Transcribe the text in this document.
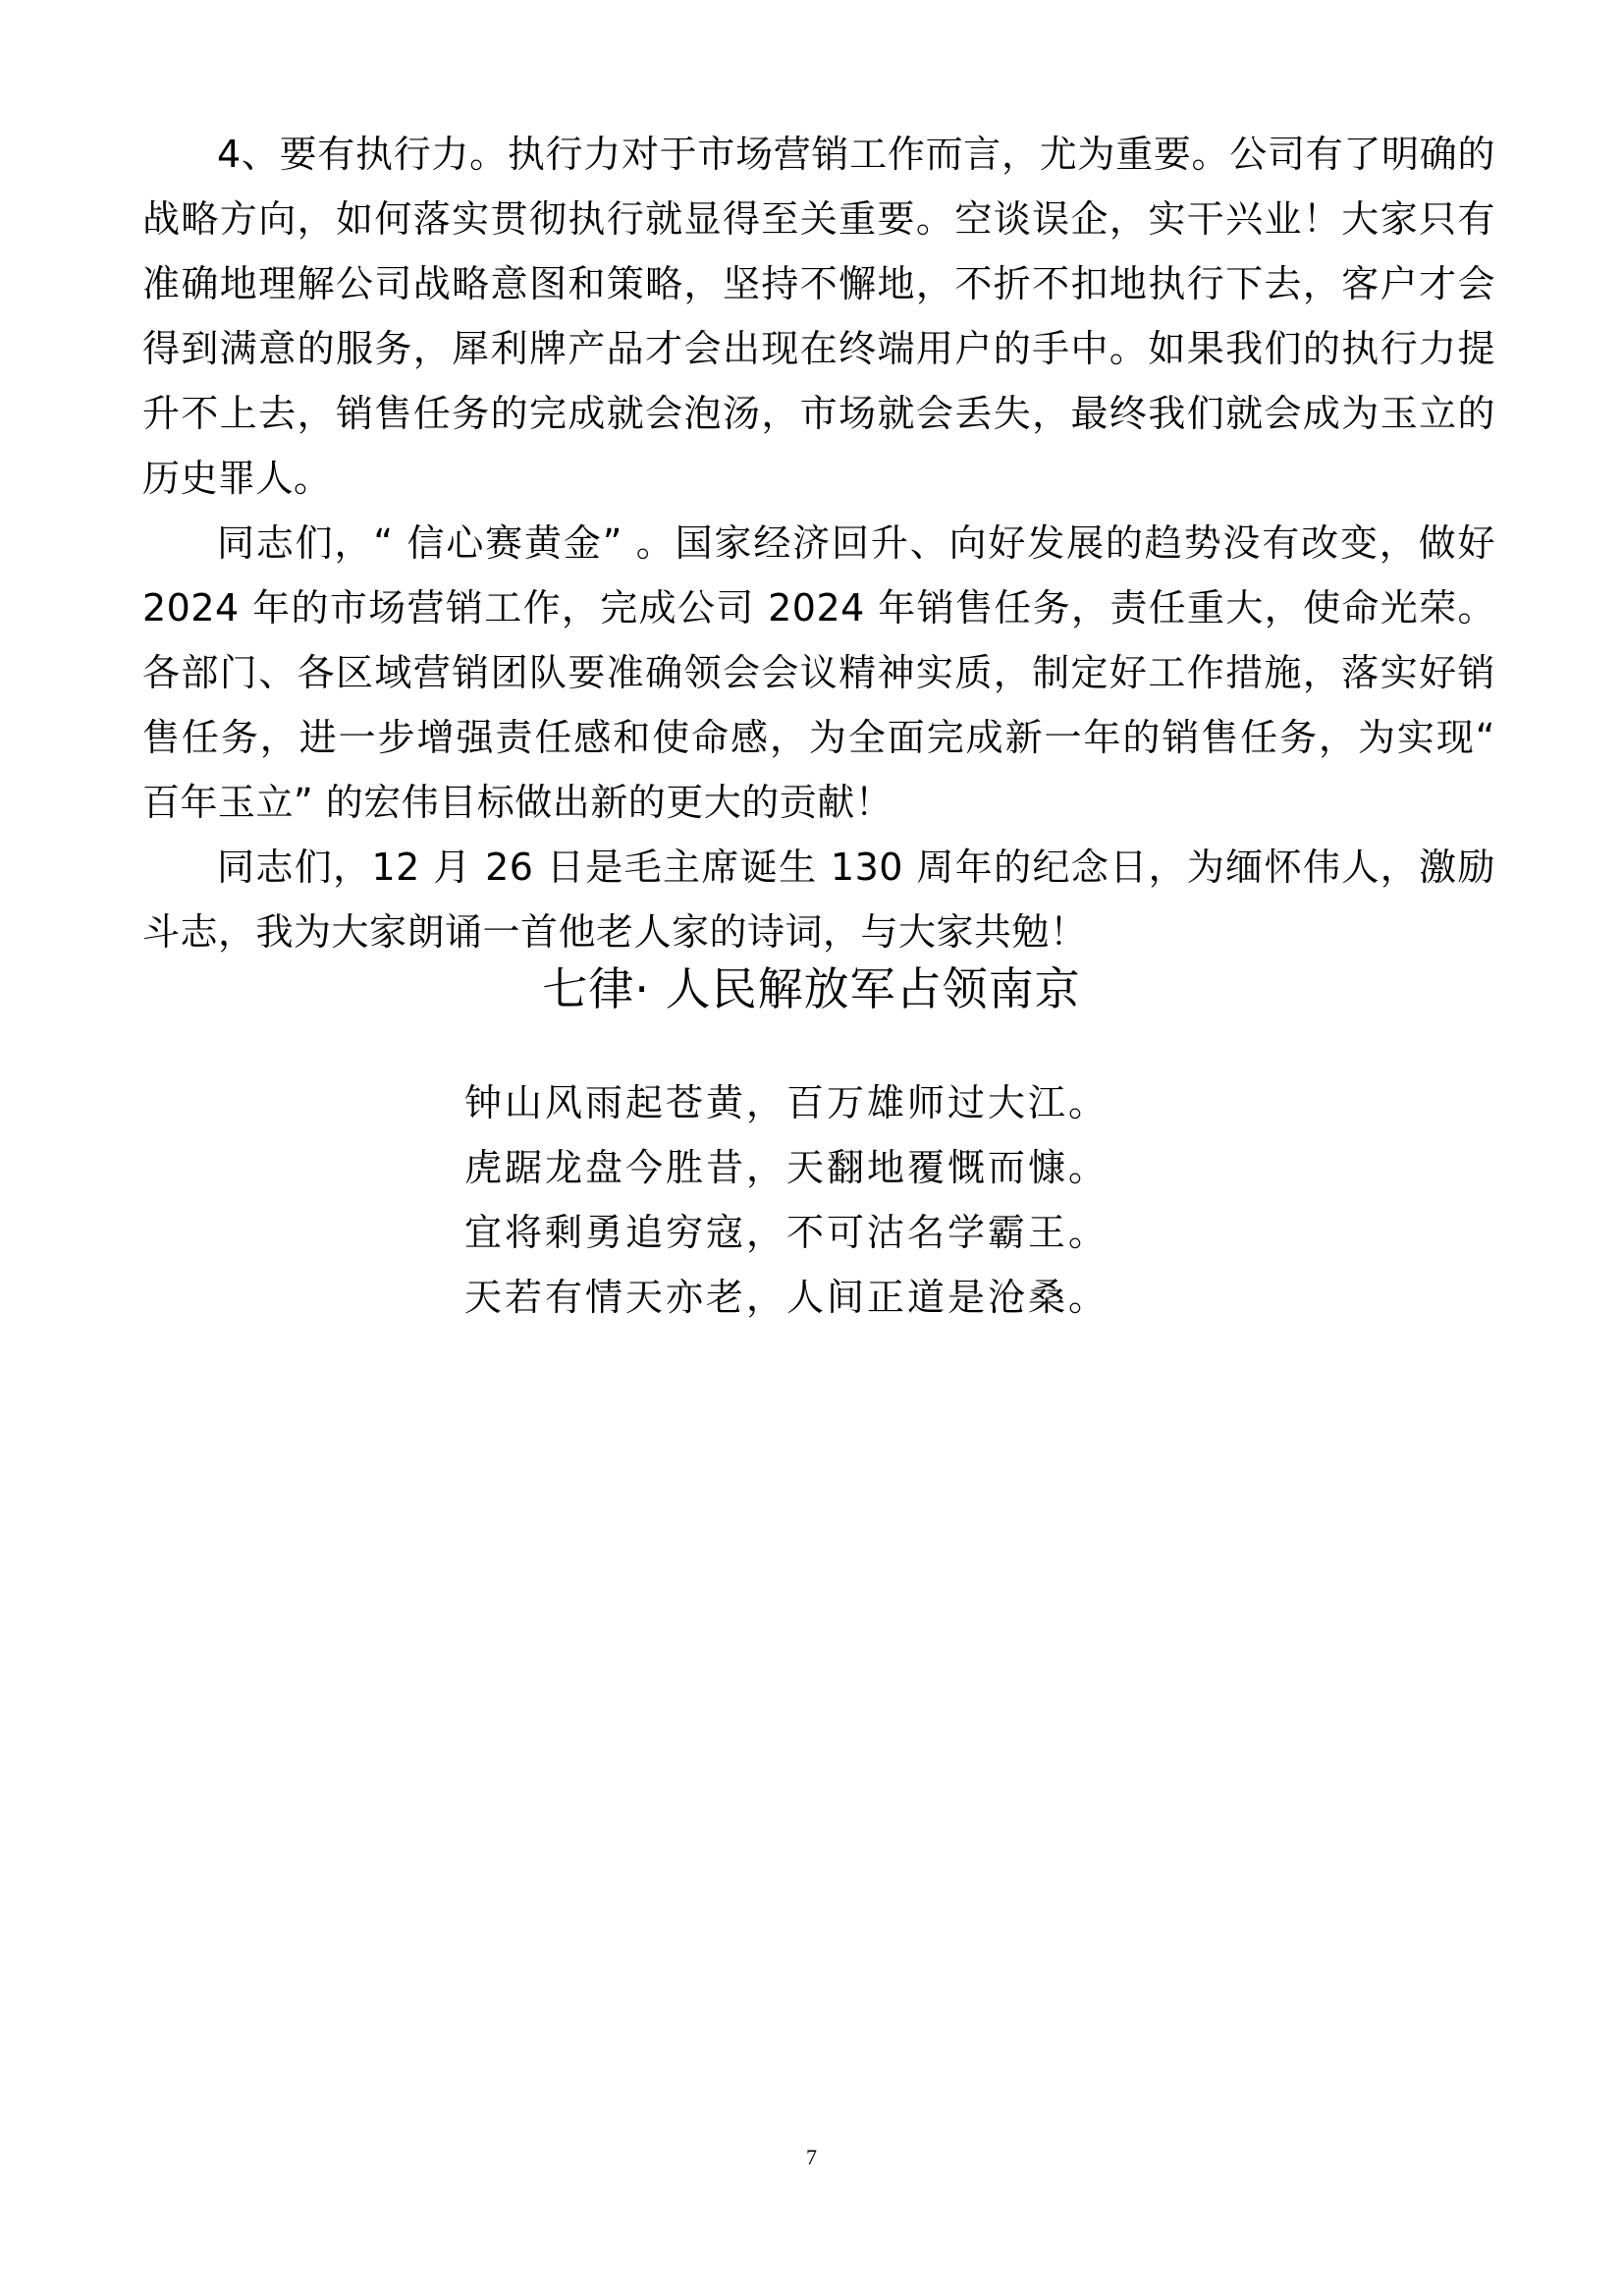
4、要有执行力。执行力对于市场营销工作而言，尤为重要。公司有了明确的战略方向，如何落实贯彻执行就显得至关重要。空谈误企，实干兴业！大家只有准确地理解公司战略意图和策略，坚持不懈地，不折不扣地执行下去，客户才会得到满意的服务，犀利牌产品才会出现在终端用户的手中。如果我们的执行力提升不上去，销售任务的完成就会泡汤，市场就会丢失，最终我们就会成为玉立的历史罪人。

同志们，“ 信心赛黄金” 。国家经济回升、向好发展的趋势没有改变，做好2024 年的市场营销工作，完成公司 2024 年销售任务，责任重大，使命光荣。各部门、各区域营销团队要准确领会会议精神实质，制定好工作措施，落实好销售任务，进一步增强责任感和使命感，为全面完成新一年的销售任务，为实现“ 百年玉立” 的宏伟目标做出新的更大的贡献！

同志们，12 月 26 日是毛主席诞生 130 周年的纪念日，为缅怀伟人，激励斗志，我为大家朗诵一首他老人家的诗词，与大家共勉！

七律· 人民解放军占领南京
钟山风雨起苍黄，百万雄师过大江。
虎踞龙盘今胜昔，天翻地覆慨而慷。
宜将剩勇追穷寇，不可沽名学霸王。
天若有情天亦老，人间正道是沧桑。
7
